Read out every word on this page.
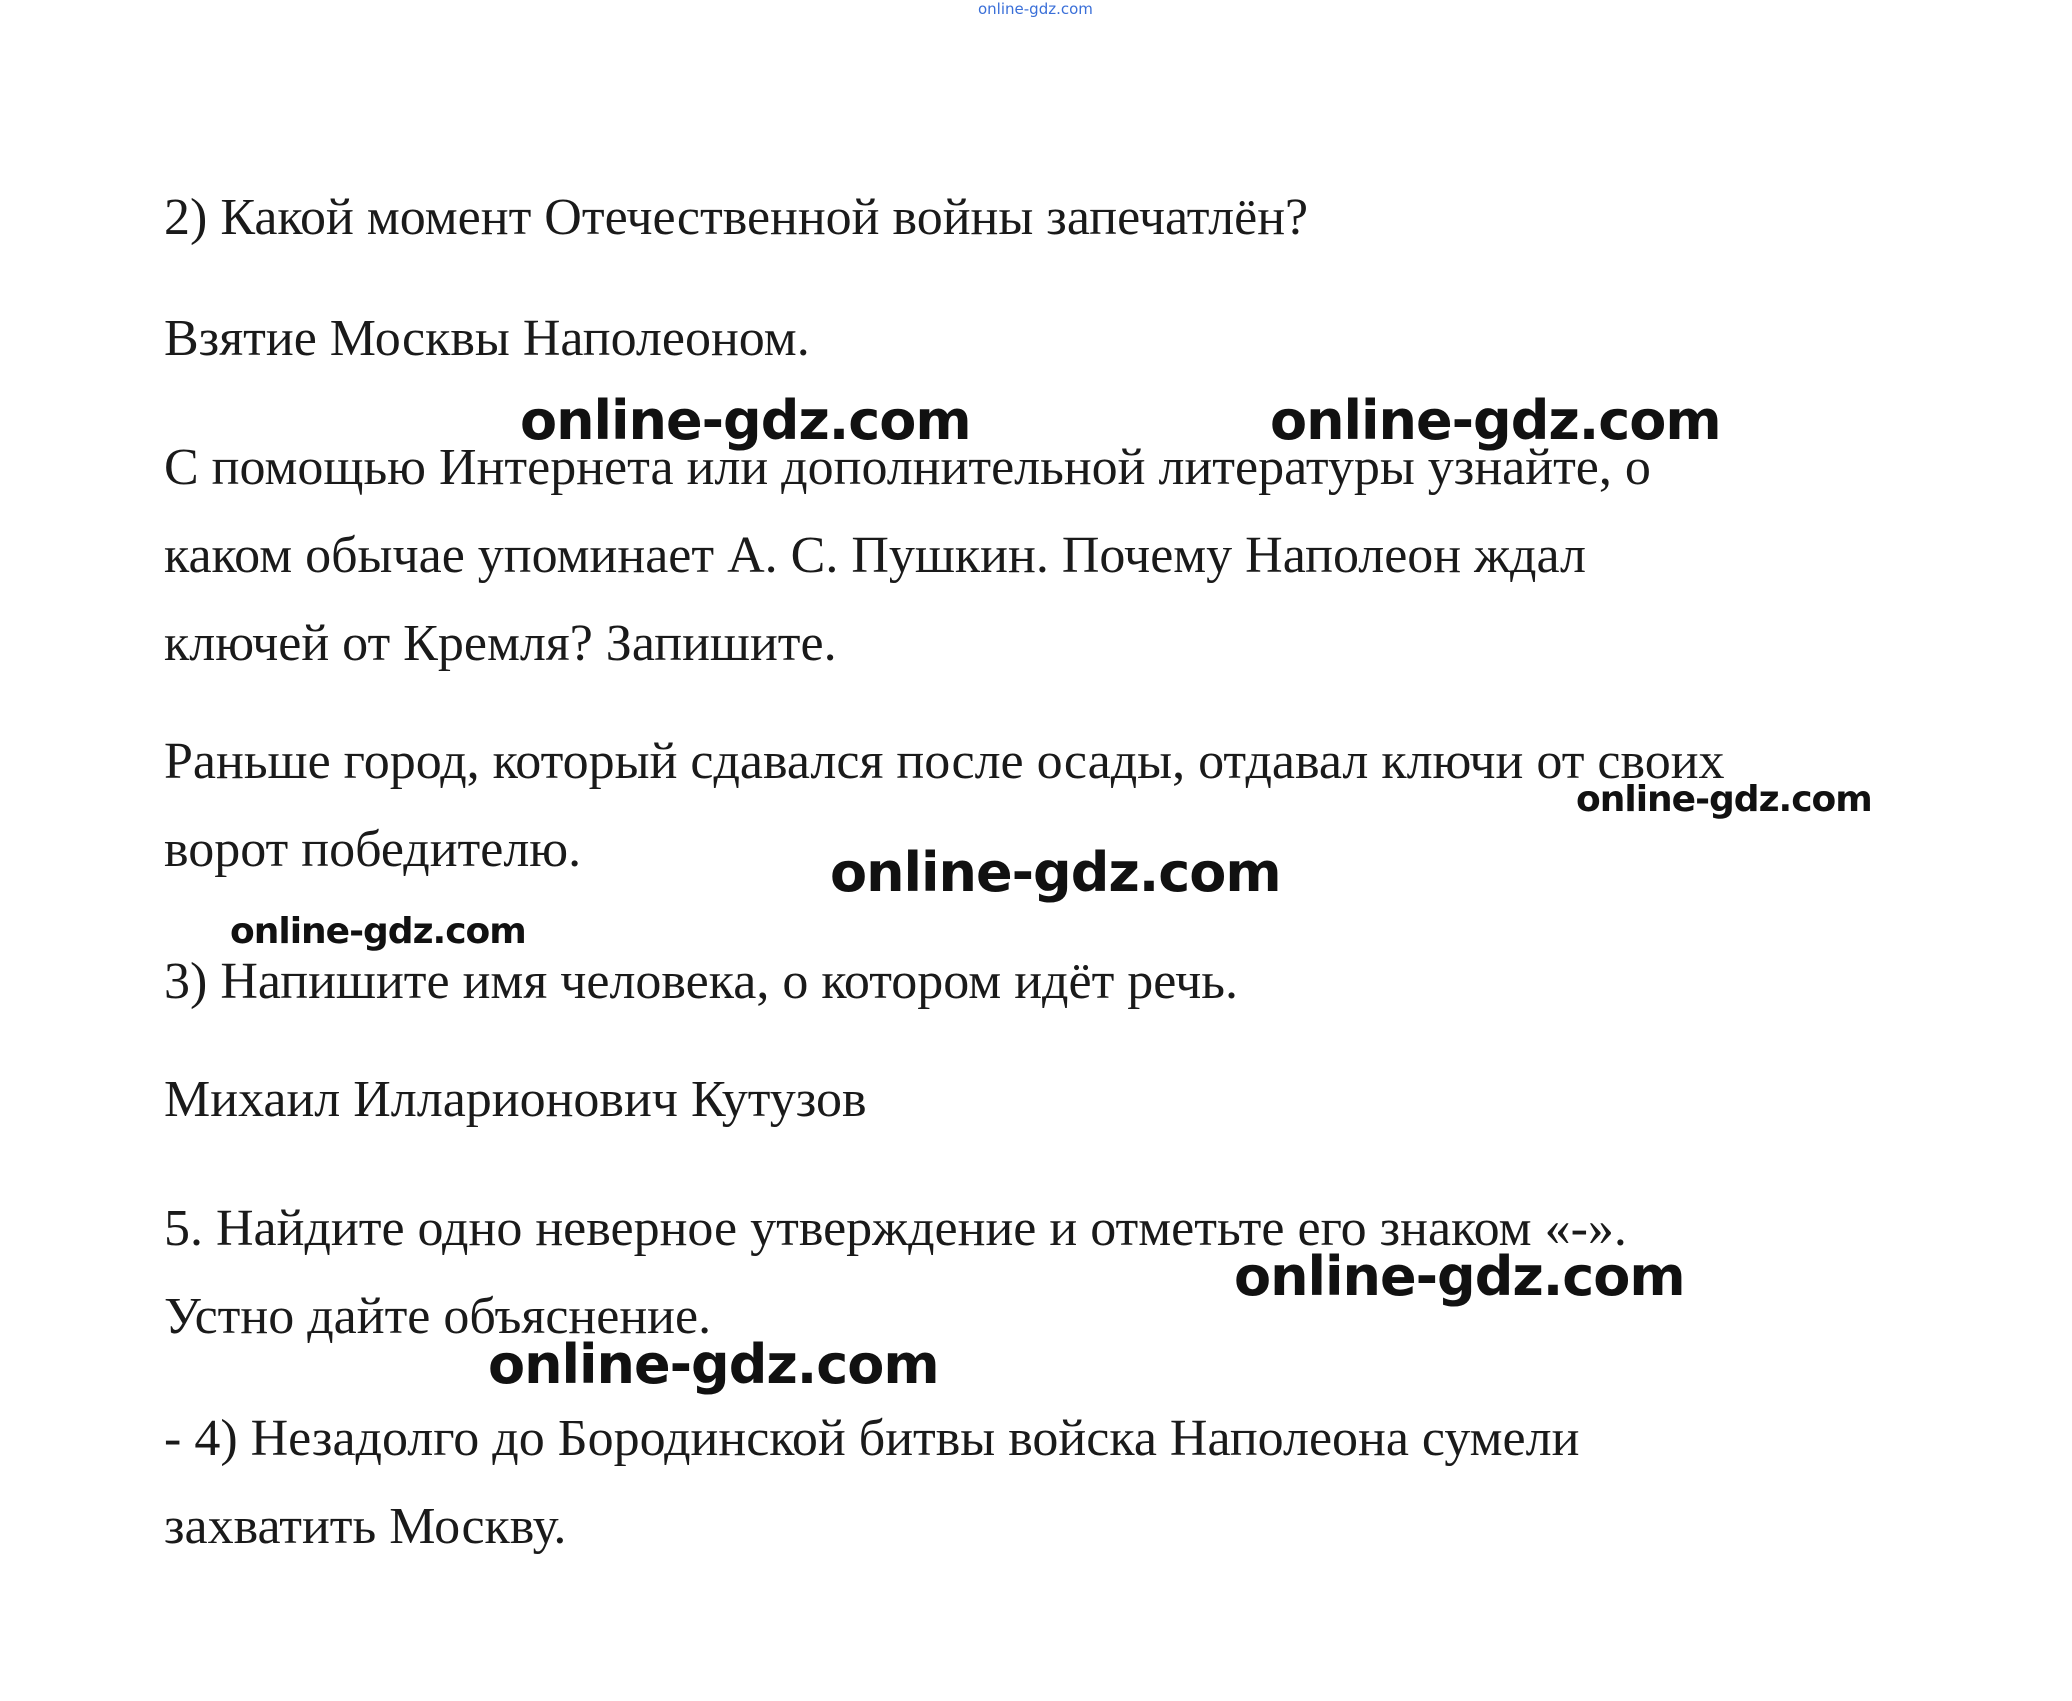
online-gdz.com

2) Какой момент Отечественной войны запечатлён?

Взятие Москвы Наполеоном.

С помощью Интернета или дополнительной литературы узнайте, о

каком обычае упоминает А. С. Пушкин. Почему Наполеон ждал

ключей от Кремля? Запишите.

Раньше город, который сдавался после осады, отдавал ключи от своих

ворот победителю.

3) Напишите имя человека, о котором идёт речь.

Михаил Илларионович Кутузов

5. Найдите одно неверное утверждение и отметьте его знаком «-».

Устно дайте объяснение.

- 4) Незадолго до Бородинской битвы войска Наполеона сумели

захватить Москву.

online-gdz.com	online-gdz.com

online-gdz.com

online-gdz.com

online-gdz.com

online-gdz.com

online-gdz.com
